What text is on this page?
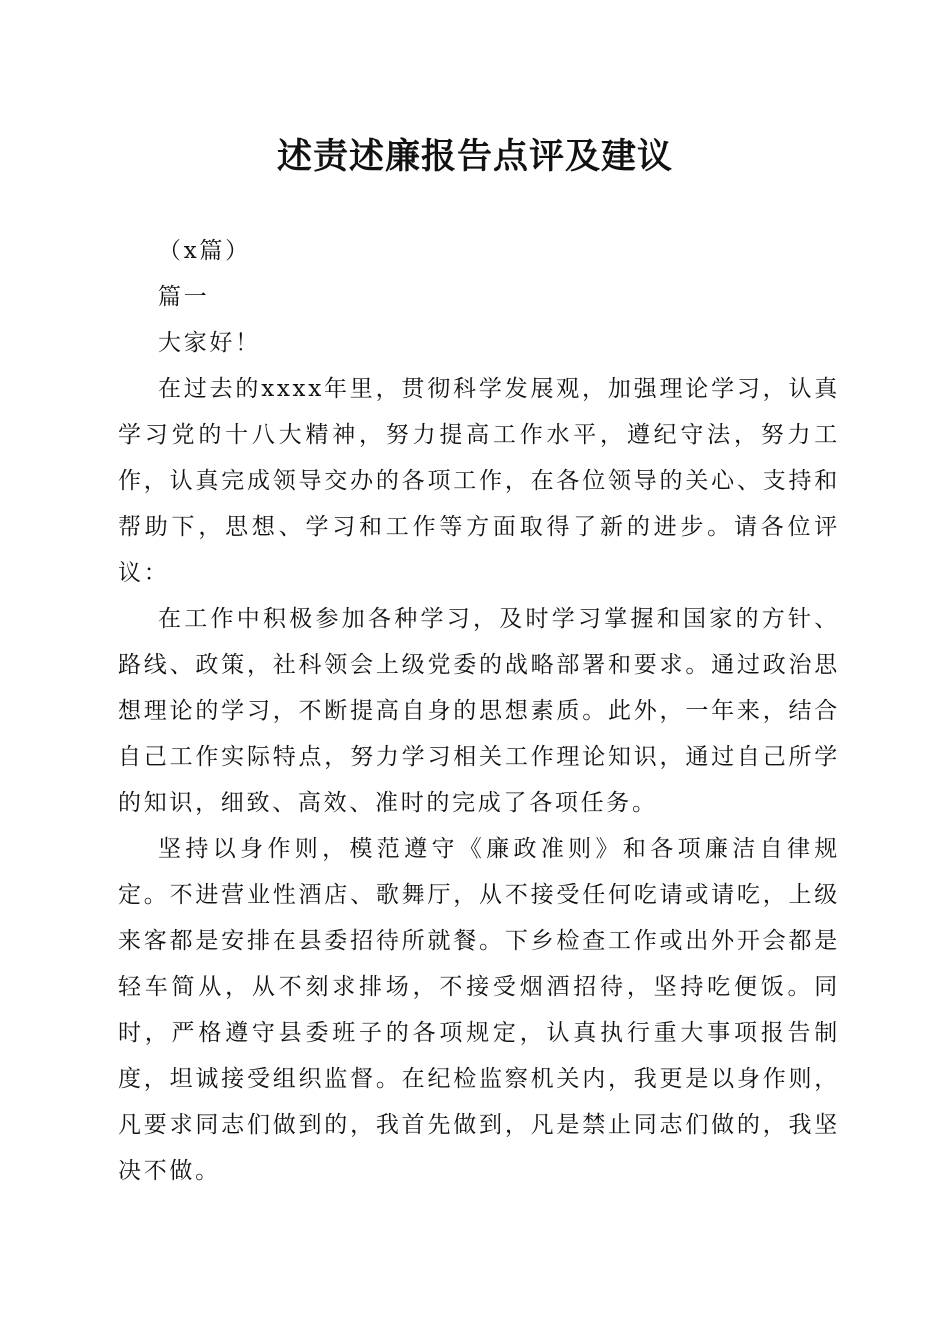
述责述廉报告点评及建议

（x篇）

篇一

大家好！

在过去的xxxx年里，贯彻科学发展观，加强理论学习，认真学习党的十八大精神，努力提高工作水平，遵纪守法，努力工作，认真完成领导交办的各项工作，在各位领导的关心、支持和帮助下，思想、学习和工作等方面取得了新的进步。请各位评议：

在工作中积极参加各种学习，及时学习掌握和国家的方针、路线、政策，社科领会上级党委的战略部署和要求。通过政治思想理论的学习，不断提高自身的思想素质。此外，一年来，结合自己工作实际特点，努力学习相关工作理论知识，通过自己所学的知识，细致、高效、准时的完成了各项任务。

坚持以身作则，模范遵守《廉政准则》和各项廉洁自律规定。不进营业性酒店、歌舞厅，从不接受任何吃请或请吃，上级来客都是安排在县委招待所就餐。下乡检查工作或出外开会都是轻车简从，从不刻求排场，不接受烟酒招待，坚持吃便饭。同时，严格遵守县委班子的各项规定，认真执行重大事项报告制度，坦诚接受组织监督。在纪检监察机关内，我更是以身作则，凡要求同志们做到的，我首先做到，凡是禁止同志们做的，我坚决不做。
